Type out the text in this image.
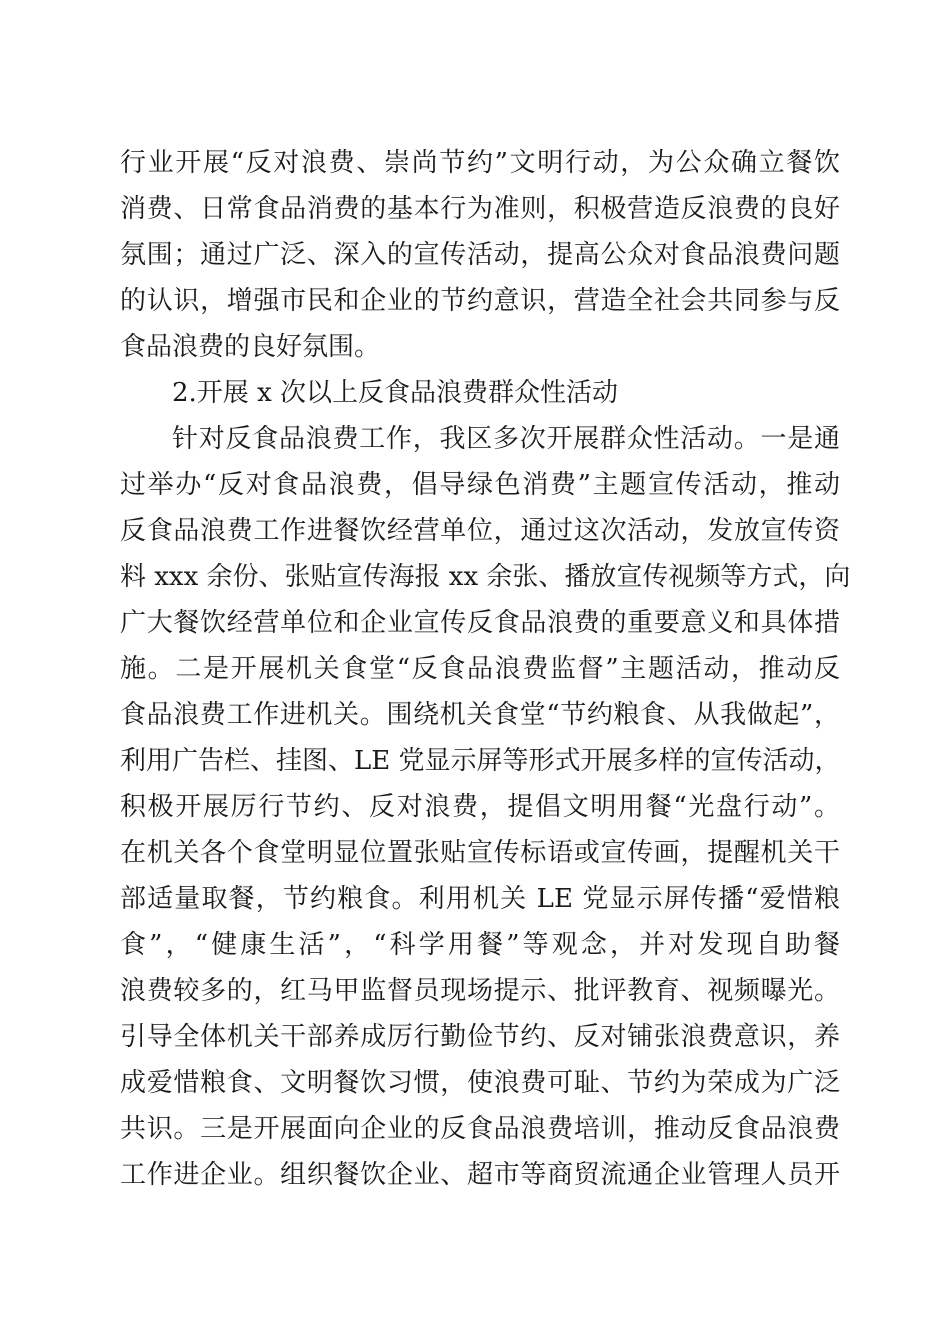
行业开展“反对浪费、崇尚节约”文明行动，为公众确立餐饮
消费、日常食品消费的基本行为准则，积极营造反浪费的良好
氛围；通过广泛、深入的宣传活动，提高公众对食品浪费问题
的认识，增强市民和企业的节约意识，营造全社会共同参与反
食品浪费的良好氛围。
2.开展 x 次以上反食品浪费群众性活动
针对反食品浪费工作，我区多次开展群众性活动。一是通
过举办“反对食品浪费，倡导绿色消费”主题宣传活动，推动
反食品浪费工作进餐饮经营单位，通过这次活动，发放宣传资
料 xxx 余份、张贴宣传海报 xx 余张、播放宣传视频等方式，向
广大餐饮经营单位和企业宣传反食品浪费的重要意义和具体措
施。二是开展机关食堂“反食品浪费监督”主题活动，推动反
食品浪费工作进机关。围绕机关食堂“节约粮食、从我做起”，
利用广告栏、挂图、LE 党显示屏等形式开展多样的宣传活动，
积极开展厉行节约、反对浪费，提倡文明用餐“光盘行动”。
在机关各个食堂明显位置张贴宣传标语或宣传画，提醒机关干
部适量取餐，节约粮食。利用机关 LE 党显示屏传播“爱惜粮
食”，“健康生活”，“科学用餐”等观念，并对发现自助餐
浪费较多的，红马甲监督员现场提示、批评教育、视频曝光。
引导全体机关干部养成厉行勤俭节约、反对铺张浪费意识，养
成爱惜粮食、文明餐饮习惯，使浪费可耻、节约为荣成为广泛
共识。三是开展面向企业的反食品浪费培训，推动反食品浪费
工作进企业。组织餐饮企业、超市等商贸流通企业管理人员开
